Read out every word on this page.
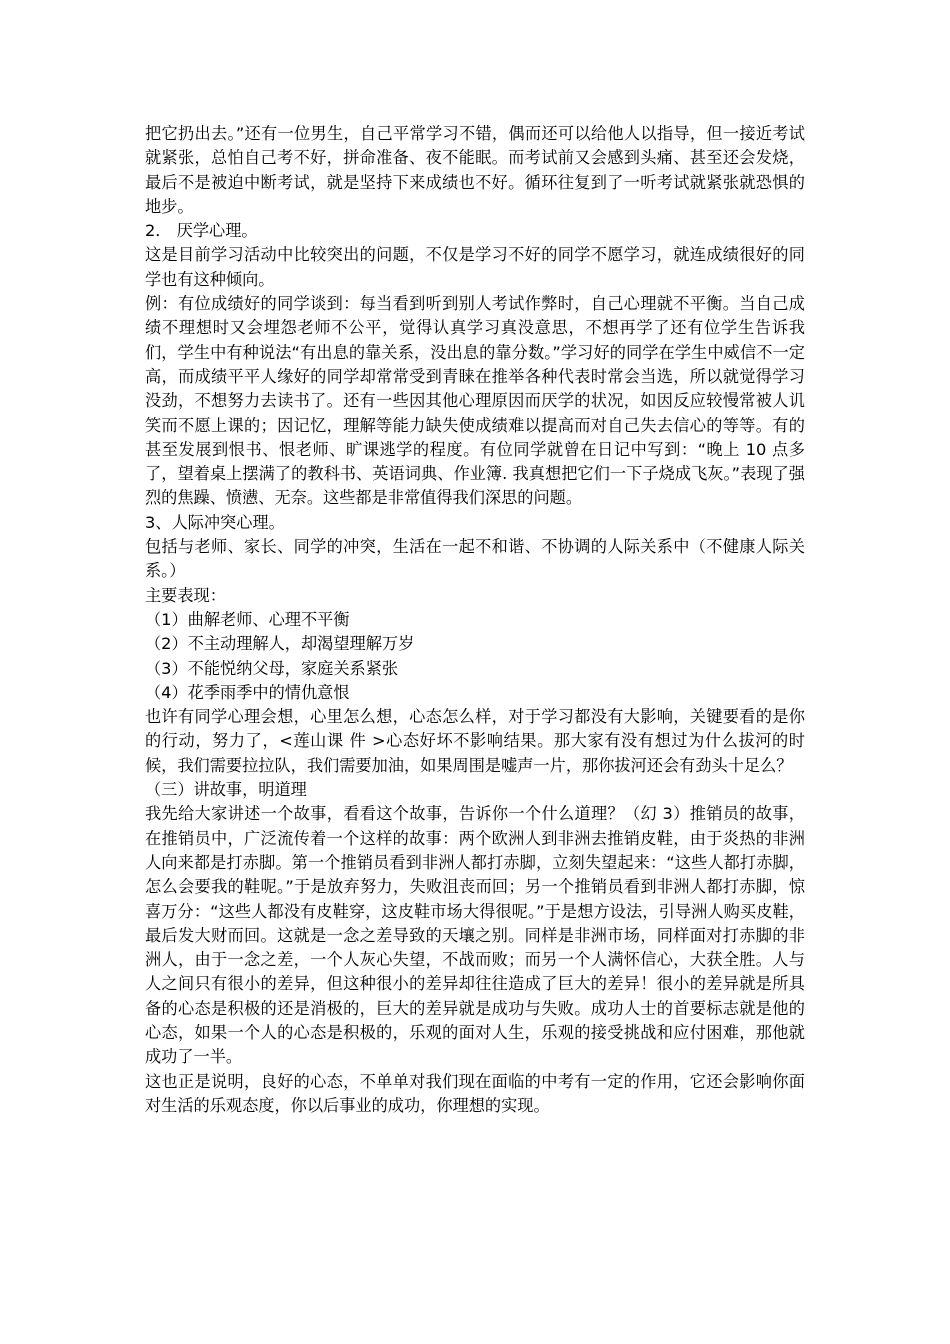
把它扔出去。”还有一位男生，自己平常学习不错，偶而还可以给他人以指导，但一接近考试就紧张，总怕自己考不好，拼命准备、夜不能眠。而考试前又会感到头痛、甚至还会发烧，最后不是被迫中断考试，就是坚持下来成绩也不好。循环往复到了一听考试就紧张就恐惧的地步。

2． 厌学心理。

这是目前学习活动中比较突出的问题，不仅是学习不好的同学不愿学习，就连成绩很好的同学也有这种倾向。

例：有位成绩好的同学谈到：每当看到听到别人考试作弊时，自己心理就不平衡。当自己成绩不理想时又会埋怨老师不公平，觉得认真学习真没意思，不想再学了还有位学生告诉我们，学生中有种说法“有出息的靠关系，没出息的靠分数。”学习好的同学在学生中威信不一定高，而成绩平平人缘好的同学却常常受到青睐在推举各种代表时常会当选，所以就觉得学习没劲，不想努力去读书了。还有一些因其他心理原因而厌学的状况，如因反应较慢常被人讥笑而不愿上课的；因记忆，理解等能力缺失使成绩难以提高而对自己失去信心的等等。有的甚至发展到恨书、恨老师、旷课逃学的程度。有位同学就曾在日记中写到：“晚上 10 点多了，望着桌上摆满了的教科书、英语词典、作业簿. 我真想把它们一下子烧成飞灰。”表现了强烈的焦躁、愤懑、无奈。这些都是非常值得我们深思的问题。

3、人际冲突心理。

包括与老师、家长、同学的冲突，生活在一起不和谐、不协调的人际关系中（不健康人际关系。）

主要表现：

（1）曲解老师、心理不平衡

（2）不主动理解人，却渴望理解万岁

（3）不能悦纳父母，家庭关系紧张

（4）花季雨季中的情仇意恨

也许有同学心理会想，心里怎么想，心态怎么样，对于学习都没有大影响，关键要看的是你的行动，努力了，<莲山课 件 >心态好坏不影响结果。那大家有没有想过为什么拔河的时候，我们需要拉拉队，我们需要加油，如果周围是嘘声一片，那你拔河还会有劲头十足么？

（三）讲故事，明道理

我先给大家讲述一个故事，看看这个故事，告诉你一个什么道理？（幻 3）推销员的故事，在推销员中，广泛流传着一个这样的故事：两个欧洲人到非洲去推销皮鞋，由于炎热的非洲人向来都是打赤脚。第一个推销员看到非洲人都打赤脚，立刻失望起来：“这些人都打赤脚，怎么会要我的鞋呢。”于是放弃努力，失败沮丧而回；另一个推销员看到非洲人都打赤脚，惊喜万分：“这些人都没有皮鞋穿，这皮鞋市场大得很呢。”于是想方设法，引导洲人购买皮鞋，最后发大财而回。这就是一念之差导致的天壤之别。同样是非洲市场，同样面对打赤脚的非洲人，由于一念之差，一个人灰心失望，不战而败；而另一个人满怀信心，大获全胜。人与人之间只有很小的差异，但这种很小的差异却往往造成了巨大的差异！很小的差异就是所具备的心态是积极的还是消极的，巨大的差异就是成功与失败。成功人士的首要标志就是他的心态，如果一个人的心态是积极的，乐观的面对人生，乐观的接受挑战和应付困难，那他就成功了一半。

这也正是说明，良好的心态，不单单对我们现在面临的中考有一定的作用，它还会影响你面对生活的乐观态度，你以后事业的成功，你理想的实现。
